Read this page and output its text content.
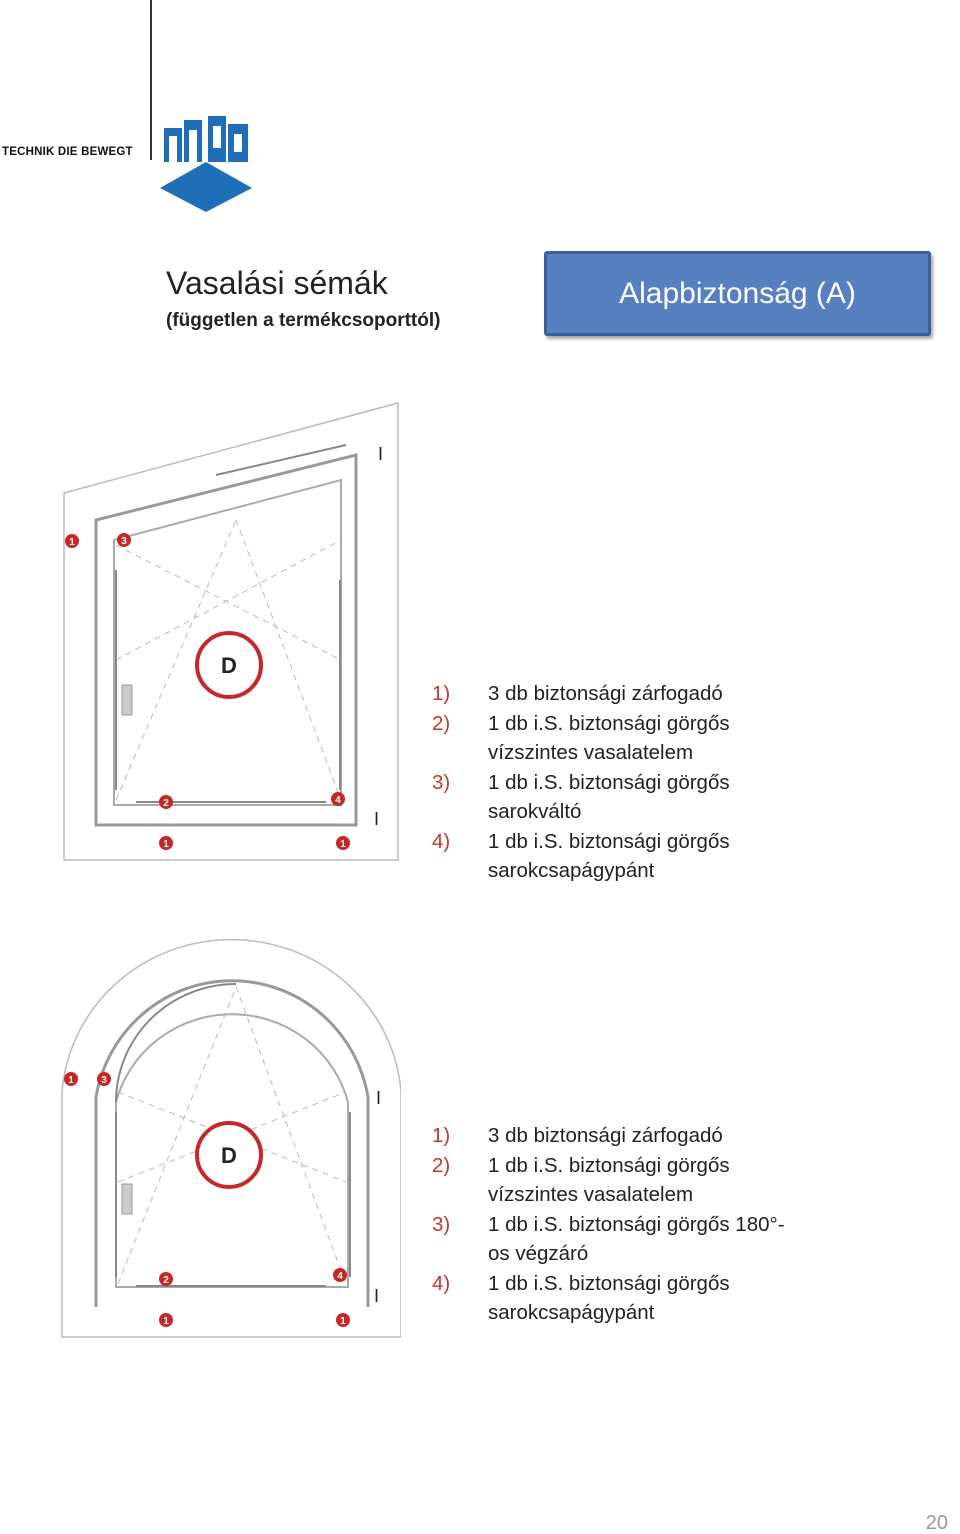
TECHNIK DIE BEWEGT
Vasalási sémák
(független a termékcsoporttól)
Alapbiztonság (A)
I
I
D
1	3
2	4
1	1
I
I
D
1	3
2	4
1	1
1)	3 db biztonsági zárfogadó
2)	1 db i.S. biztonsági görgős vízszintes vasalatelem
3)	1 db i.S. biztonsági görgős sarokváltó
4)	1 db i.S. biztonsági görgős sarokcsapágypánt
1)	3 db biztonsági zárfogadó
2)	1 db i.S. biztonsági görgős vízszintes vasalatelem
3)	1 db i.S. biztonsági görgős 180°-os végzáró
4)	1 db i.S. biztonsági görgős sarokcsapágypánt
20
